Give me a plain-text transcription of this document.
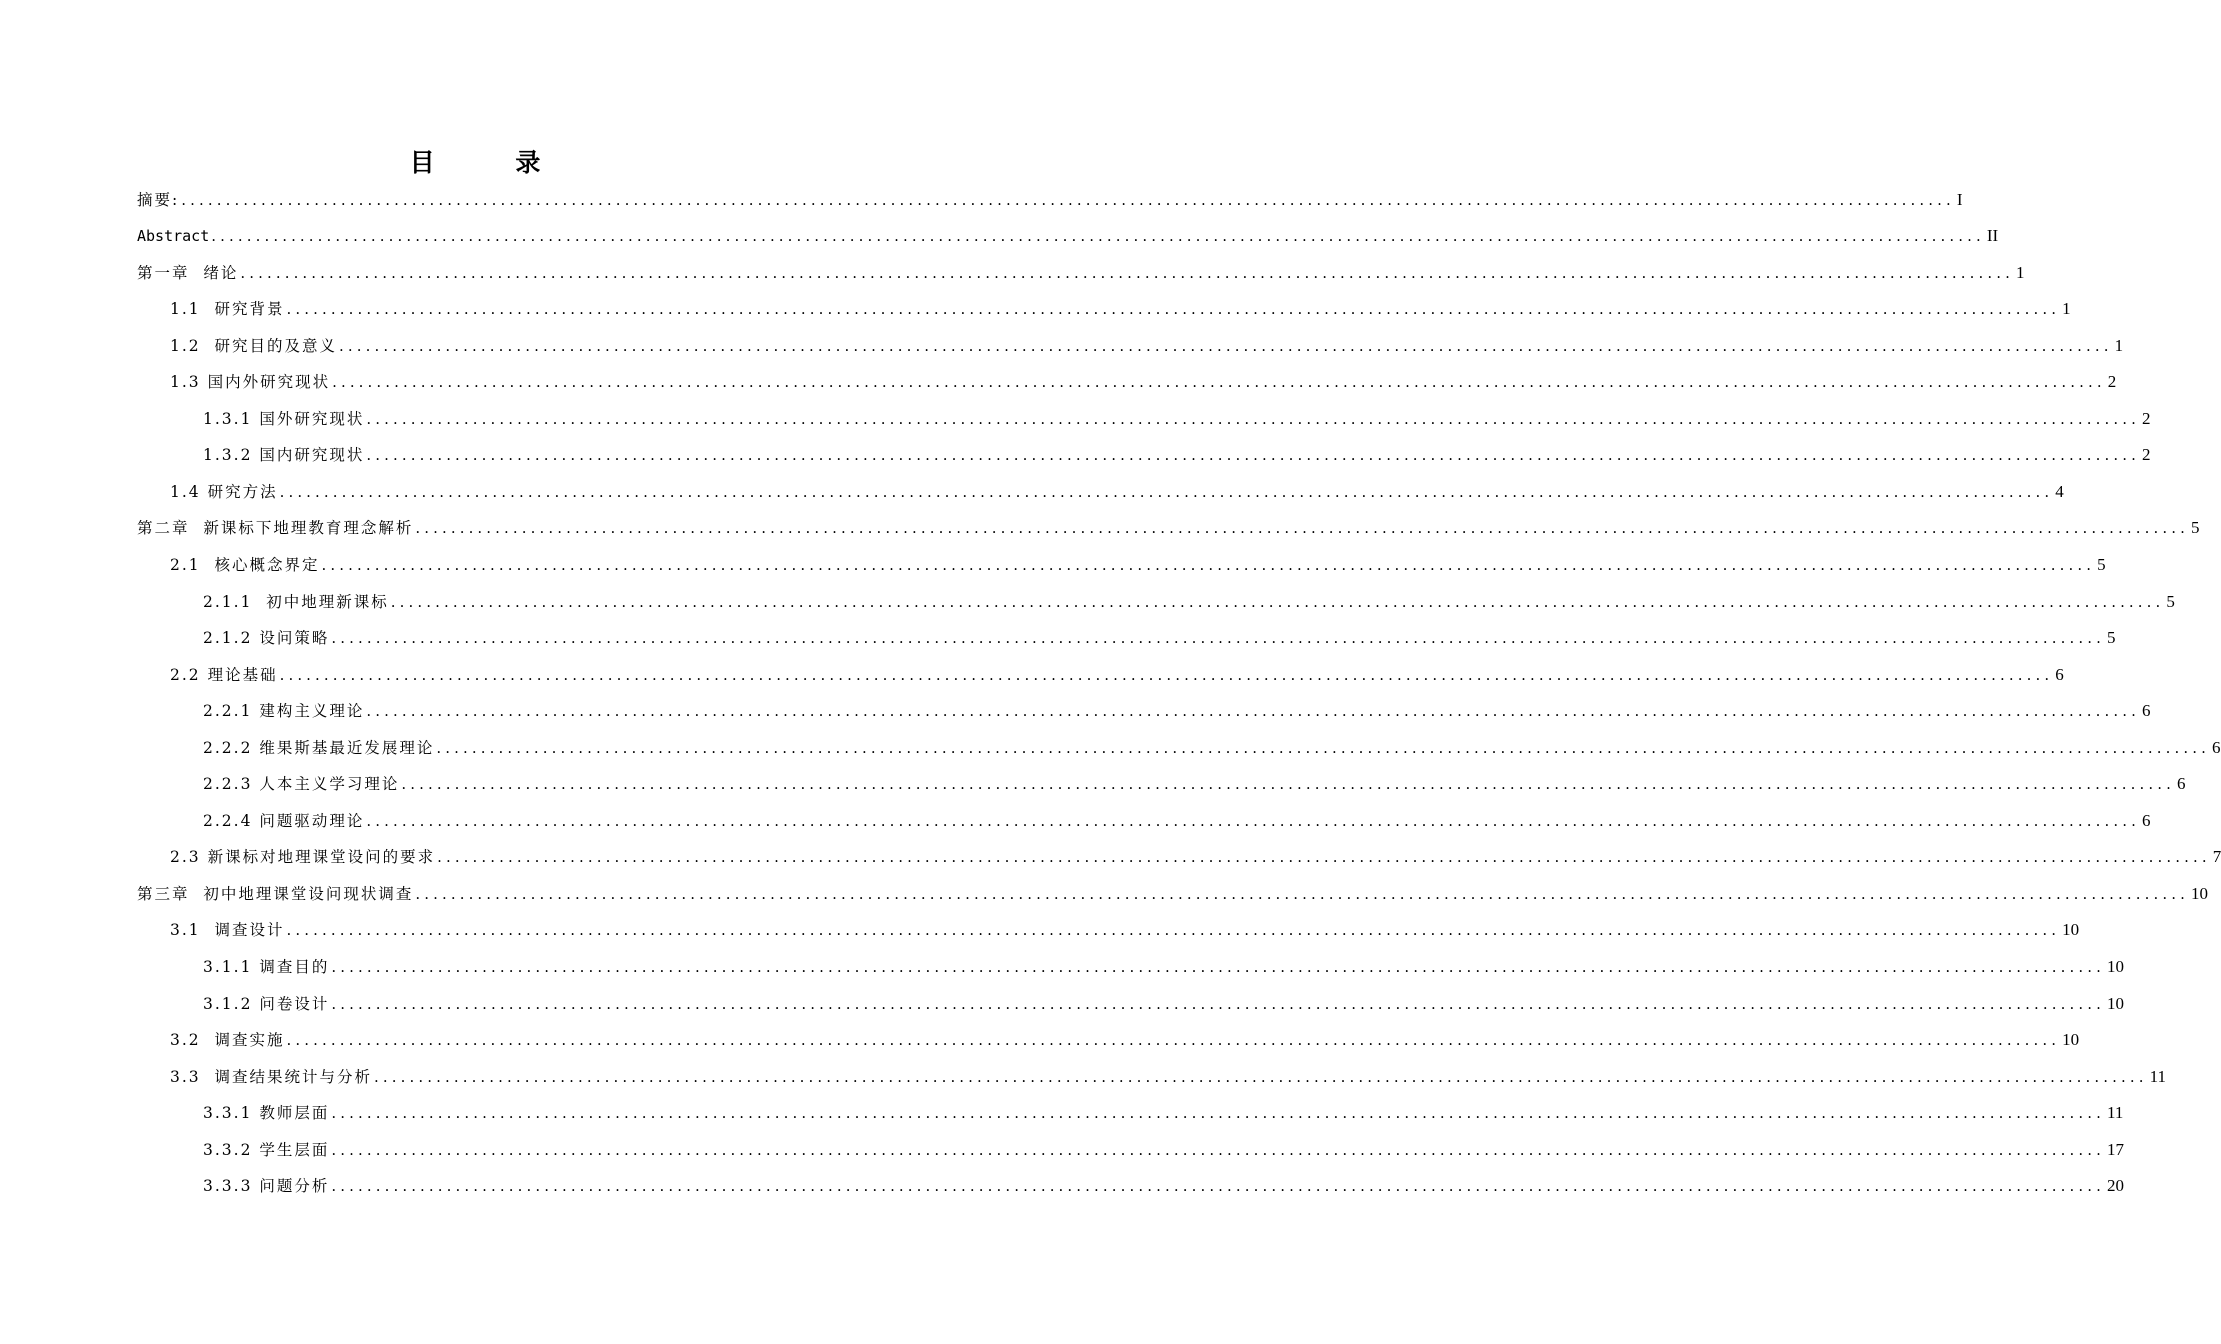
目 录
摘要: ........................................................................................................................................................................................................ I
Abstract ........................................................................................................................................................................................................ II
第一章  绪论 ........................................................................................................................................................................................................ 1
1.1  研究背景 ........................................................................................................................................................................................................ 1
1.2  研究目的及意义 ........................................................................................................................................................................................................ 1
1.3 国内外研究现状 ........................................................................................................................................................................................................ 2
1.3.1 国外研究现状 ........................................................................................................................................................................................................ 2
1.3.2 国内研究现状 ........................................................................................................................................................................................................ 2
1.4 研究方法 ........................................................................................................................................................................................................ 4
第二章  新课标下地理教育理念解析 ........................................................................................................................................................................................................ 5
2.1  核心概念界定 ........................................................................................................................................................................................................ 5
2.1.1  初中地理新课标 ........................................................................................................................................................................................................ 5
2.1.2 设问策略 ........................................................................................................................................................................................................ 5
2.2 理论基础 ........................................................................................................................................................................................................ 6
2.2.1 建构主义理论 ........................................................................................................................................................................................................ 6
2.2.2 维果斯基最近发展理论 ........................................................................................................................................................................................................ 6
2.2.3 人本主义学习理论 ........................................................................................................................................................................................................ 6
2.2.4 问题驱动理论 ........................................................................................................................................................................................................ 6
2.3 新课标对地理课堂设问的要求 ........................................................................................................................................................................................................ 7
第三章  初中地理课堂设问现状调查 ........................................................................................................................................................................................................ 10
3.1  调查设计 ........................................................................................................................................................................................................ 10
3.1.1 调查目的 ........................................................................................................................................................................................................ 10
3.1.2 问卷设计 ........................................................................................................................................................................................................ 10
3.2  调查实施 ........................................................................................................................................................................................................ 10
3.3  调查结果统计与分析 ........................................................................................................................................................................................................ 11
3.3.1 教师层面 ........................................................................................................................................................................................................ 11
3.3.2 学生层面 ........................................................................................................................................................................................................ 17
3.3.3 问题分析 ........................................................................................................................................................................................................ 20
